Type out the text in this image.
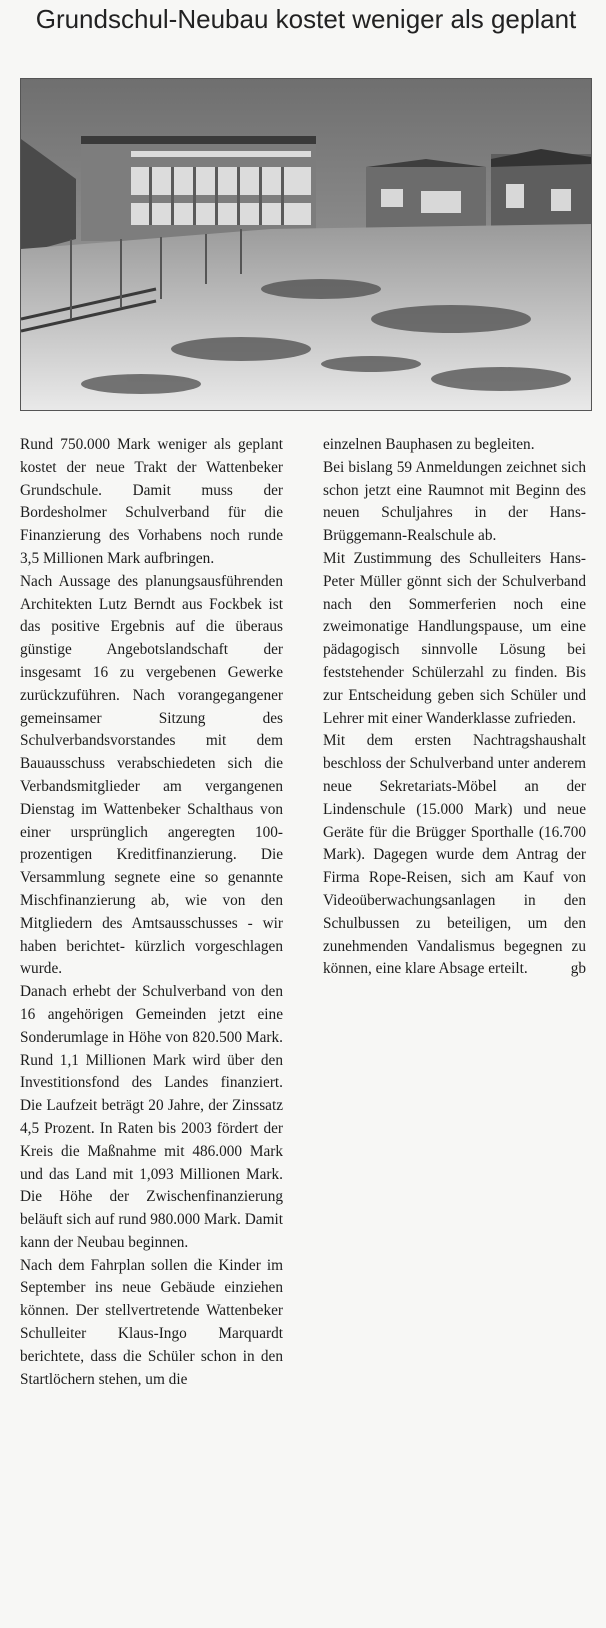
Grundschul-Neubau kostet weniger als geplant

Rund 750.000 Mark weniger als geplant kostet der neue Trakt der Wattenbeker Grundschule. Damit muss der Bordesholmer Schulverband für die Finanzierung des Vorhabens noch runde 3,5 Millionen Mark aufbringen.

Nach Aussage des planungsausführenden Architekten Lutz Berndt aus Fockbek ist das positive Ergebnis auf die überaus günstige Angebotslandschaft der insgesamt 16 zu vergebenen Gewerke zurückzuführen. Nach vorangegangener gemeinsamer Sitzung des Schulverbandsvorstandes mit dem Bauausschuss verabschiedeten sich die Verbandsmitglieder am vergangenen Dienstag im Wattenbeker Schalthaus von einer ursprünglich angeregten 100-prozentigen Kreditfinanzierung. Die Versammlung segnete eine so genannte Mischfinanzierung ab, wie von den Mitgliedern des Amtsausschusses - wir haben berichtet- kürzlich vorgeschlagen wurde.

Danach erhebt der Schulverband von den 16 angehörigen Gemeinden jetzt eine Sonderumlage in Höhe von 820.500 Mark. Rund 1,1 Millionen Mark wird über den Investitionsfond des Landes finanziert. Die Laufzeit beträgt 20 Jahre, der Zinssatz 4,5 Prozent. In Raten bis 2003 fördert der Kreis die Maßnahme mit 486.000 Mark und das Land mit 1,093 Millionen Mark. Die Höhe der Zwischenfinanzierung beläuft sich auf rund 980.000 Mark. Damit kann der Neubau beginnen.

Nach dem Fahrplan sollen die Kinder im September ins neue Gebäude einziehen können. Der stellvertretende Wattenbeker Schulleiter Klaus-Ingo Marquardt berichtete, dass die Schüler schon in den Startlöchern stehen, um die

einzelnen Bauphasen zu begleiten.

Bei bislang 59 Anmeldungen zeichnet sich schon jetzt eine Raumnot mit Beginn des neuen Schuljahres in der Hans-Brüggemann-Realschule ab.

Mit Zustimmung des Schulleiters Hans-Peter Müller gönnt sich der Schulverband nach den Sommerferien noch eine zweimonatige Handlungspause, um eine pädagogisch sinnvolle Lösung bei feststehender Schülerzahl zu finden. Bis zur Entscheidung geben sich Schüler und Lehrer mit einer Wanderklasse zufrieden.

Mit dem ersten Nachtragshaushalt beschloss der Schulverband unter anderem neue Sekretariats-Möbel an der Lindenschule (15.000 Mark) und neue Geräte für die Brügger Sporthalle (16.700 Mark). Dagegen wurde dem Antrag der Firma Rope-Reisen, sich am Kauf von Videoüberwachungsanlagen in den Schulbussen zu beteiligen, um den zunehmenden Vandalismus begegnen zu können, eine klare Absage erteilt.	gb
